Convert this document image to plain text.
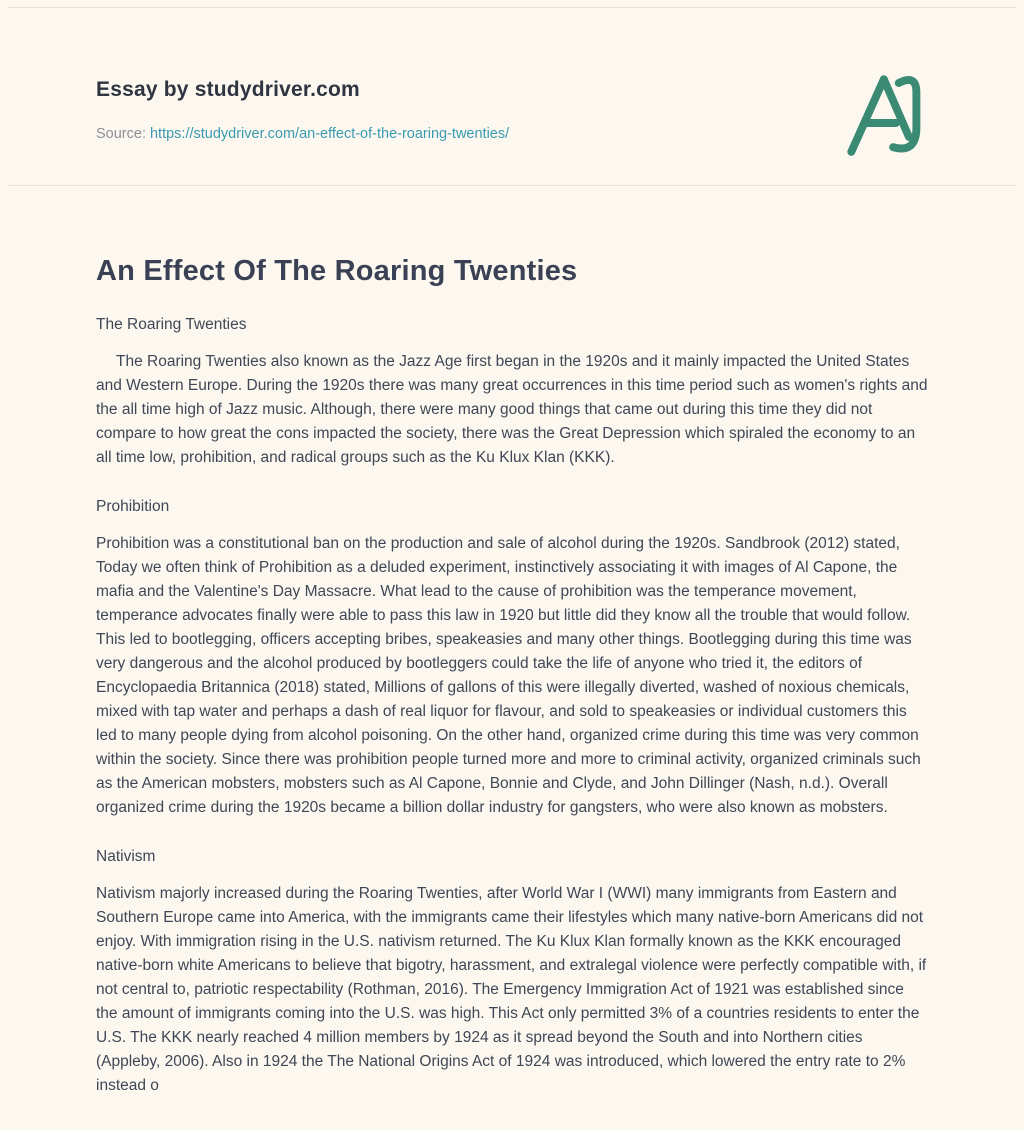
Essay by studydriver.com
Source: https://studydriver.com/an-effect-of-the-roaring-twenties/
An Effect Of The Roaring Twenties
The Roaring Twenties

The Roaring Twenties also known as the Jazz Age first began in the 1920s and it mainly impacted the United States and Western Europe. During the 1920s there was many great occurrences in this time period such as women's rights and the all time high of Jazz music. Although, there were many good things that came out during this time they did not compare to how great the cons impacted the society, there was the Great Depression which spiraled the economy to an all time low, prohibition, and radical groups such as the Ku Klux Klan (KKK).

Prohibition

Prohibition was a constitutional ban on the production and sale of alcohol during the 1920s. Sandbrook (2012) stated, Today we often think of Prohibition as a deluded experiment, instinctively associating it with images of Al Capone, the mafia and the Valentine's Day Massacre. What lead to the cause of prohibition was the temperance movement, temperance advocates finally were able to pass this law in 1920 but little did they know all the trouble that would follow. This led to bootlegging, officers accepting bribes, speakeasies and many other things. Bootlegging during this time was very dangerous and the alcohol produced by bootleggers could take the life of anyone who tried it, the editors of Encyclopaedia Britannica (2018) stated, Millions of gallons of this were illegally diverted, washed of noxious chemicals, mixed with tap water and perhaps a dash of real liquor for flavour, and sold to speakeasies or individual customers this led to many people dying from alcohol poisoning. On the other hand, organized crime during this time was very common within the society. Since there was prohibition people turned more and more to criminal activity, organized criminals such as the American mobsters, mobsters such as Al Capone, Bonnie and Clyde, and John Dillinger (Nash, n.d.). Overall organized crime during the 1920s became a billion dollar industry for gangsters, who were also known as mobsters.

Nativism

Nativism majorly increased during the Roaring Twenties, after World War I (WWI) many immigrants from Eastern and Southern Europe came into America, with the immigrants came their lifestyles which many native-born Americans did not enjoy. With immigration rising in the U.S. nativism returned. The Ku Klux Klan formally known as the KKK encouraged native-born white Americans to believe that bigotry, harassment, and extralegal violence were perfectly compatible with, if not central to, patriotic respectability (Rothman, 2016). The Emergency Immigration Act of 1921 was established since the amount of immigrants coming into the U.S. was high. This Act only permitted 3% of a countries residents to enter the U.S. The KKK nearly reached 4 million members by 1924 as it spread beyond the South and into Northern cities (Appleby, 2006). Also in 1924 the The National Origins Act of 1924 was introduced, which lowered the entry rate to 2% instead o
